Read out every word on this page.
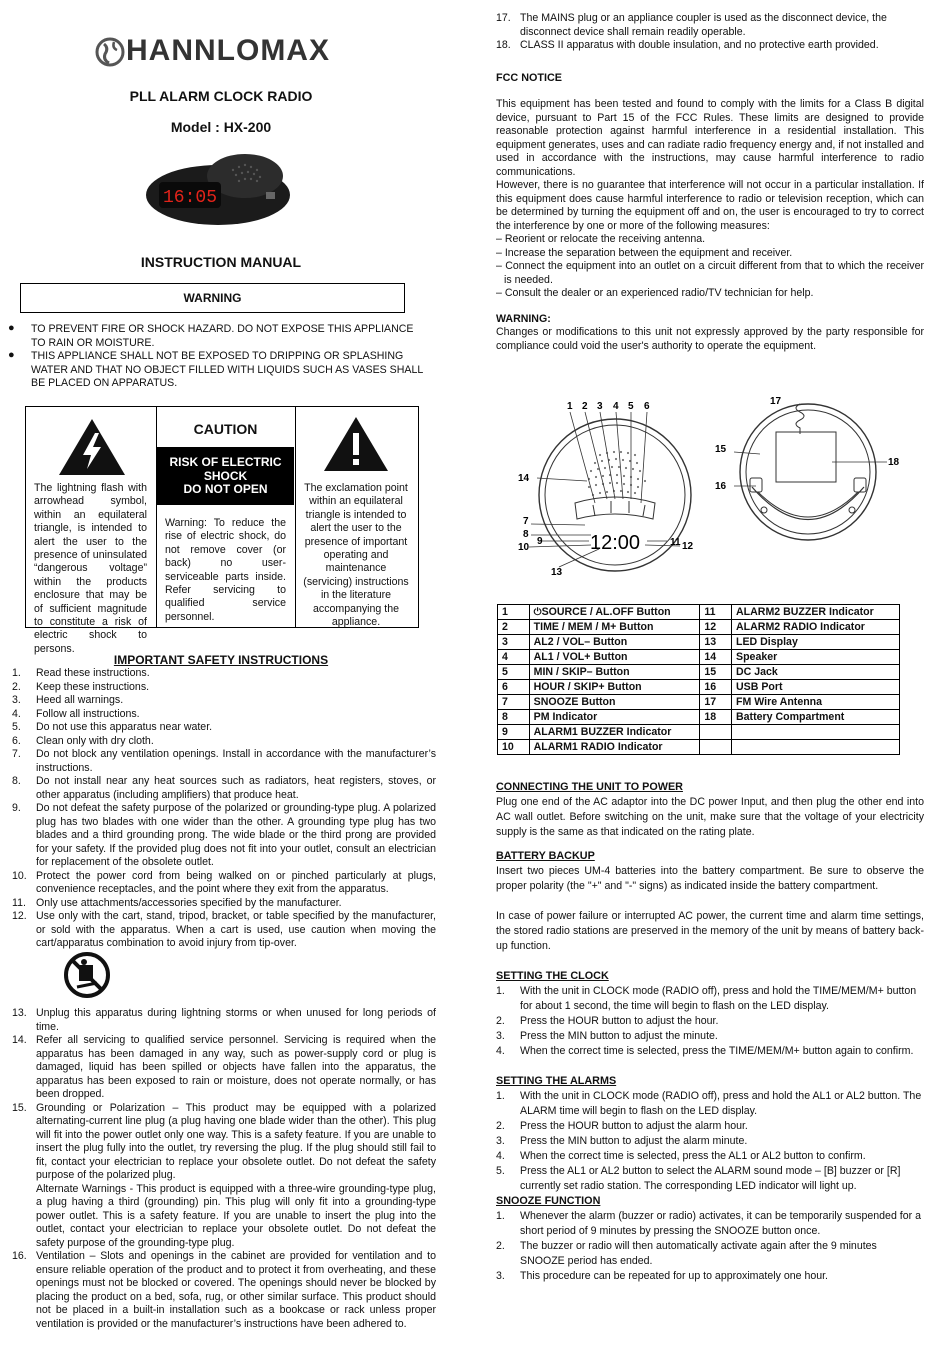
HANNLOMAX
PLL ALARM CLOCK RADIO
Model : HX-200
16:05
INSTRUCTION MANUAL
WARNING
● TO PREVENT FIRE OR SHOCK HAZARD. DO NOT EXPOSE THIS APPLIANCE TO RAIN OR MOISTURE.
● THIS APPLIANCE SHALL NOT BE EXPOSED TO DRIPPING OR SPLASHING WATER AND THAT NO OBJECT FILLED WITH LIQUIDS SUCH AS VASES SHALL BE PLACED ON APPARATUS.
The lightning flash with arrowhead symbol, within an equilateral triangle, is intended to alert the user to the presence of uninsulated “dangerous voltage” within the products enclosure that may be of sufficient magnitude to constitute a risk of electric shock to persons.
CAUTION
RISK OF ELECTRIC SHOCK
DO NOT OPEN
Warning: To reduce the rise of electric shock, do not remove cover (or back) no user-serviceable parts inside. Refer servicing to qualified service personnel.
The exclamation point within an equilateral triangle is intended to alert the user to the presence of important operating and maintenance (servicing) instructions in the literature accompanying the appliance.
IMPORTANT SAFETY INSTRUCTIONS
1. Read these instructions.
2. Keep these instructions.
3. Heed all warnings.
4. Follow all instructions.
5. Do not use this apparatus near water.
6. Clean only with dry cloth.
7. Do not block any ventilation openings. Install in accordance with the manufacturer’s instructions.
8. Do not install near any heat sources such as radiators, heat registers, stoves, or other apparatus (including amplifiers) that produce heat.
9. Do not defeat the safety purpose of the polarized or grounding-type plug. A polarized plug has two blades with one wider than the other. A grounding type plug has two blades and a third grounding prong. The wide blade or the third prong are provided for your safety. If the provided plug does not fit into your outlet, consult an electrician for replacement of the obsolete outlet.
10. Protect the power cord from being walked on or pinched particularly at plugs, convenience receptacles, and the point where they exit from the apparatus.
11. Only use attachments/accessories specified by the manufacturer.
12. Use only with the cart, stand, tripod, bracket, or table specified by the manufacturer, or sold with the apparatus. When a cart is used, use caution when moving the cart/apparatus combination to avoid injury from tip-over.
13. Unplug this apparatus during lightning storms or when unused for long periods of time.
14. Refer all servicing to qualified service personnel. Servicing is required when the apparatus has been damaged in any way, such as power-supply cord or plug is damaged, liquid has been spilled or objects have fallen into the apparatus, the apparatus has been exposed to rain or moisture, does not operate normally, or has been dropped.
15. Grounding or Polarization – This product may be equipped with a polarized alternating-current line plug (a plug having one blade wider than the other). This plug will fit into the power outlet only one way. This is a safety feature. If you are unable to insert the plug fully into the outlet, try reversing the plug. If the plug should still fail to fit, contact your electrician to replace your obsolete outlet. Do not defeat the safety purpose of the polarized plug.
Alternate Warnings - This product is equipped with a three-wire grounding-type plug, a plug having a third (grounding) pin. This plug will only fit into a grounding-type power outlet. This is a safety feature. If you are unable to insert the plug into the outlet, contact your electrician to replace your obsolete outlet. Do not defeat the safety purpose of the grounding-type plug.
16. Ventilation – Slots and openings in the cabinet are provided for ventilation and to ensure reliable operation of the product and to protect it from overheating, and these openings must not be blocked or covered. The openings should never be blocked by placing the product on a bed, sofa, rug, or other similar surface. This product should not be placed in a built-in installation such as a bookcase or rack unless proper ventilation is provided or the manufacturer’s instructions have been adhered to.
17. The MAINS plug or an appliance coupler is used as the disconnect device, the disconnect device shall remain readily operable.
18. CLASS II apparatus with double insulation, and no protective earth provided.
FCC NOTICE
This equipment has been tested and found to comply with the limits for a Class B digital device, pursuant to Part 15 of the FCC Rules. These limits are designed to provide reasonable protection against harmful interference in a residential installation. This equipment generates, uses and can radiate radio frequency energy and, if not installed and used in accordance with the instructions, may cause harmful interference to radio communications.
However, there is no guarantee that interference will not occur in a particular installation. If this equipment does cause harmful interference to radio or television reception, which can be determined by turning the equipment off and on, the user is encouraged to try to correct the interference by one or more of the following measures:
– Reorient or relocate the receiving antenna.
– Increase the separation between the equipment and receiver.
– Connect the equipment into an outlet on a circuit different from that to which the receiver is needed.
– Consult the dealer or an experienced radio/TV technician for help.
WARNING:
Changes or modifications to this unit not expressly approved by the party responsible for compliance could void the user's authority to operate the equipment.
12:00
1 2 3 4 5 6
14
7
8
9
10	11 12
13
17
15
16
18
1	⏻SOURCE / AL.OFF Button	11	ALARM2 BUZZER Indicator
2	TIME / MEM / M+ Button	12	ALARM2 RADIO Indicator
3	AL2 / VOL– Button	13	LED Display
4	AL1 / VOL+ Button	14	Speaker
5	MIN / SKIP– Button	15	DC Jack
6	HOUR / SKIP+ Button	16	USB Port
7	SNOOZE Button	17	FM Wire Antenna
8	PM Indicator	18	Battery Compartment
9	ALARM1 BUZZER Indicator		
10	ALARM1 RADIO Indicator		
CONNECTING THE UNIT TO POWER
Plug one end of the AC adaptor into the DC power Input, and then plug the other end into AC wall outlet. Before switching on the unit, make sure that the voltage of your electricity supply is the same as that indicated on the rating plate.
BATTERY BACKUP
Insert two pieces UM-4 batteries into the battery compartment. Be sure to observe the proper polarity (the "+" and "-" signs) as indicated inside the battery compartment.
In case of power failure or interrupted AC power, the current time and alarm time settings, the stored radio stations are preserved in the memory of the unit by means of battery back-up function.
SETTING THE CLOCK
1. With the unit in CLOCK mode (RADIO off), press and hold the TIME/MEM/M+ button for about 1 second, the time will begin to flash on the LED display.
2. Press the HOUR button to adjust the hour.
3. Press the MIN button to adjust the minute.
4. When the correct time is selected, press the TIME/MEM/M+ button again to confirm.
SETTING THE ALARMS
1. With the unit in CLOCK mode (RADIO off), press and hold the AL1 or AL2 button. The ALARM time will begin to flash on the LED display.
2. Press the HOUR button to adjust the alarm hour.
3. Press the MIN button to adjust the alarm minute.
4. When the correct time is selected, press the AL1 or AL2 button to confirm.
5. Press the AL1 or AL2 button to select the ALARM sound mode – [B] buzzer or [R] currently set radio station. The corresponding LED indicator will light up.
SNOOZE FUNCTION
1. Whenever the alarm (buzzer or radio) activates, it can be temporarily suspended for a short period of 9 minutes by pressing the SNOOZE button once.
2. The buzzer or radio will then automatically activate again after the 9 minutes SNOOZE period has ended.
3. This procedure can be repeated for up to approximately one hour.
